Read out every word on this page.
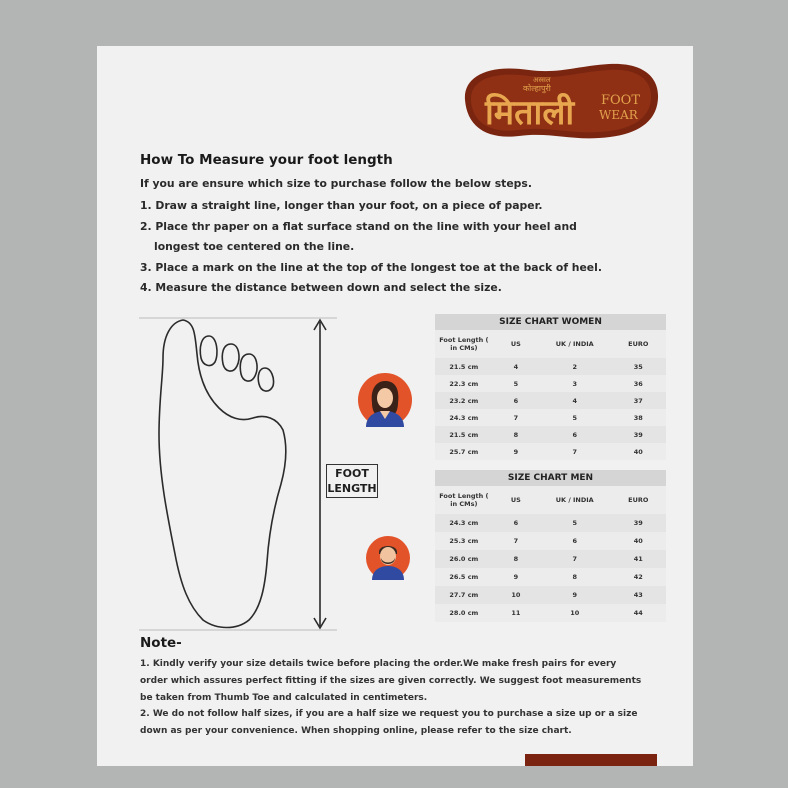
अस्सल
कोल्हापुरी
मिताली FOOT
WEAR
How To Measure your foot length
If you are ensure which size to purchase follow the below steps.
1. Draw a straight line, longer than your foot, on a piece of paper.
2. Place thr paper on a flat surface stand on the line with your heel and
longest toe centered on the line.
3. Place a mark on the line at the top of the longest toe at the back of heel.
4. Measure the distance between down and select the size.
FOOT
LENGTH
SIZE CHART WOMEN
Foot Length ( in CMs)	US	UK / INDIA	EURO
21.5 cm	4	2	35
22.3 cm	5	3	36
23.2 cm	6	4	37
24.3 cm	7	5	38
21.5 cm	8	6	39
25.7 cm	9	7	40
SIZE CHART MEN
Foot Length ( in CMs)	US	UK / INDIA	EURO
24.3 cm	6	5	39
25.3 cm	7	6	40
26.0 cm	8	7	41
26.5 cm	9	8	42
27.7 cm	10	9	43
28.0 cm	11	10	44
Note-

1. Kindly verify your size details twice before placing the order.We make fresh pairs for every order which assures perfect fitting if the sizes are given correctly. We suggest foot measurements be taken from Thumb Toe and calculated in centimeters.

2. We do not follow half sizes, if you are a half size we request you to purchase a size up or a size down as per your convenience. When shopping online, please refer to the size chart.
